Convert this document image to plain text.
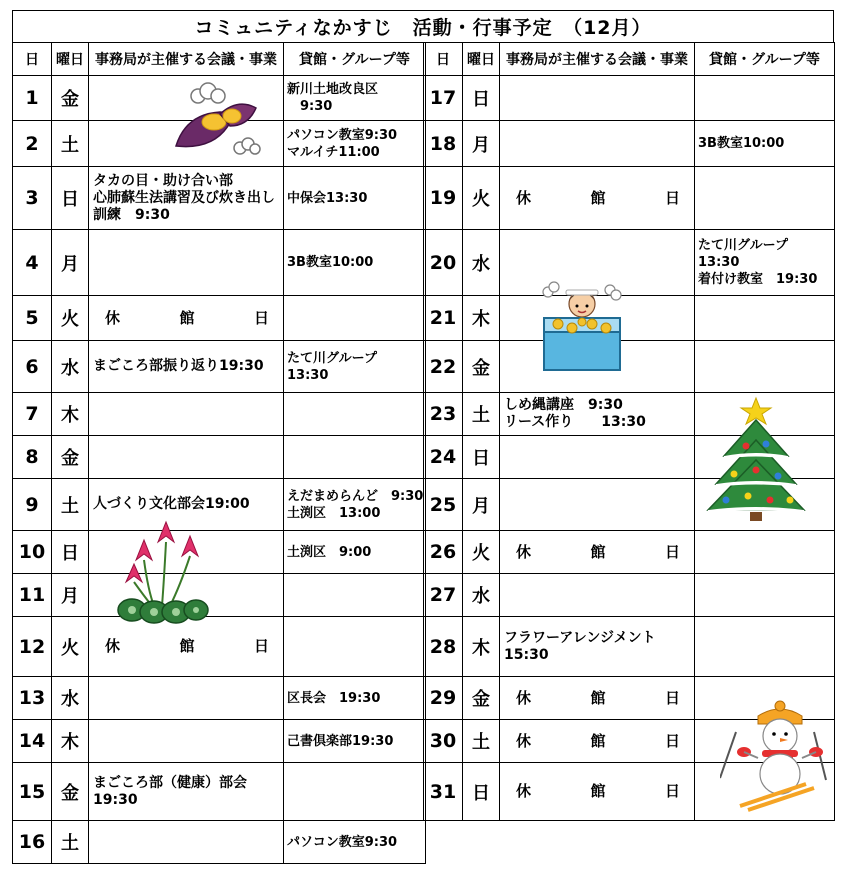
コミュニティなかすじ　活動・行事予定　（12月）
日	曜日	事務局が主催する会議・事業	貸館・グループ等
1	金		新川土地改良区
　9:30

2	土		パソコン教室9:30
マルイチ11:00

3	日	タカの目・助け合い部
心肺蘇生法講習及び炊き出し訓練　9:30	中保会13:30

4	月		3B教室10:00

5	火	休 館 日	

6	水	まごころ部振り返り19:30	たて川グループ
13:30

7	木		
8	金		
9	土	人づくり文化部会19:00	えだまめらんど　9:30
土渕区　13:00

10	日		土渕区　9:00

11	月		
12	火	休 館 日	

13	水		区長会　19:30

14	木		己書倶楽部19:30

15	金	まごころ部（健康）部会
19:30	

16	土		パソコン教室9:30
日	曜日	事務局が主催する会議・事業	貸館・グループ等
17	日		
18	月		3B教室10:00

19	火	休 館 日	

20	水		たて川グループ
13:30
着付け教室　19:30

21	木		
22	金		
23	土	しめ縄講座　9:30
リース作り　　13:30	

24	日		
25	月		
26	火	休 館 日	

27	水		
28	木	フラワーアレンジメント15:30	

29	金	休 館 日	

30	土	休 館 日	

31	日	休 館 日	
